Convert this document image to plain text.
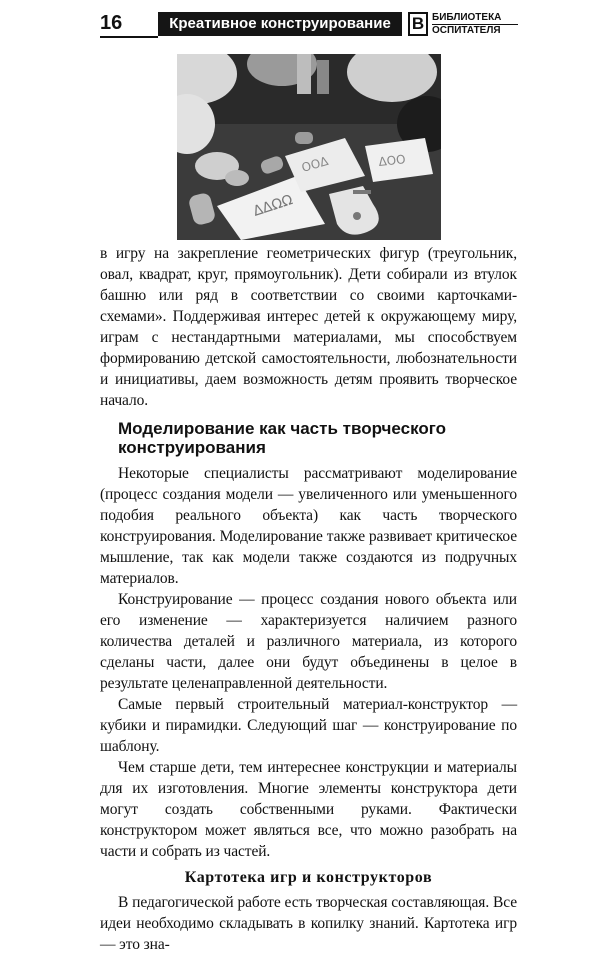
16	Креативное конструирование	В БИБЛИОТЕКА
ОСПИТАТЕЛЯ
ΔΔΩΩ
OOΔ	ΔOO

в игру на закрепление геометрических фигур (треугольник, овал, квадрат, круг, прямоугольник). Дети собирали из втулок башню или ряд в соответствии со своими карточками-схемами». Поддерживая интерес детей к окружающему миру, играм с нестандартными материалами, мы способствуем формированию детской самостоятельности, любознательности и инициативы, даем возможность детям проявить творческое начало.

Моделирование как часть творческого конструирования

Некоторые специалисты рассматривают моделирование (процесс создания модели — увеличенного или уменьшенного подобия реального объекта) как часть творческого конструирования. Моделирование также развивает критическое мышление, так как модели также создаются из подручных материалов.

Конструирование — процесс создания нового объекта или его изменение — характеризуется наличием разного количества деталей и различного материала, из которого сделаны части, далее они будут объединены в целое в результате целенаправленной деятельности.

Самые первый строительный материал-конструктор — кубики и пирамидки. Следующий шаг — конструирование по шаблону.

Чем старше дети, тем интереснее конструкции и материалы для их изготовления. Многие элементы конструктора дети могут создать собственными руками. Фактически конструктором может являться все, что можно разобрать на части и собрать из частей.

Картотека игр и конструкторов

В педагогической работе есть творческая составляющая. Все идеи необходимо складывать в копилку знаний. Картотека игр — это зна-
